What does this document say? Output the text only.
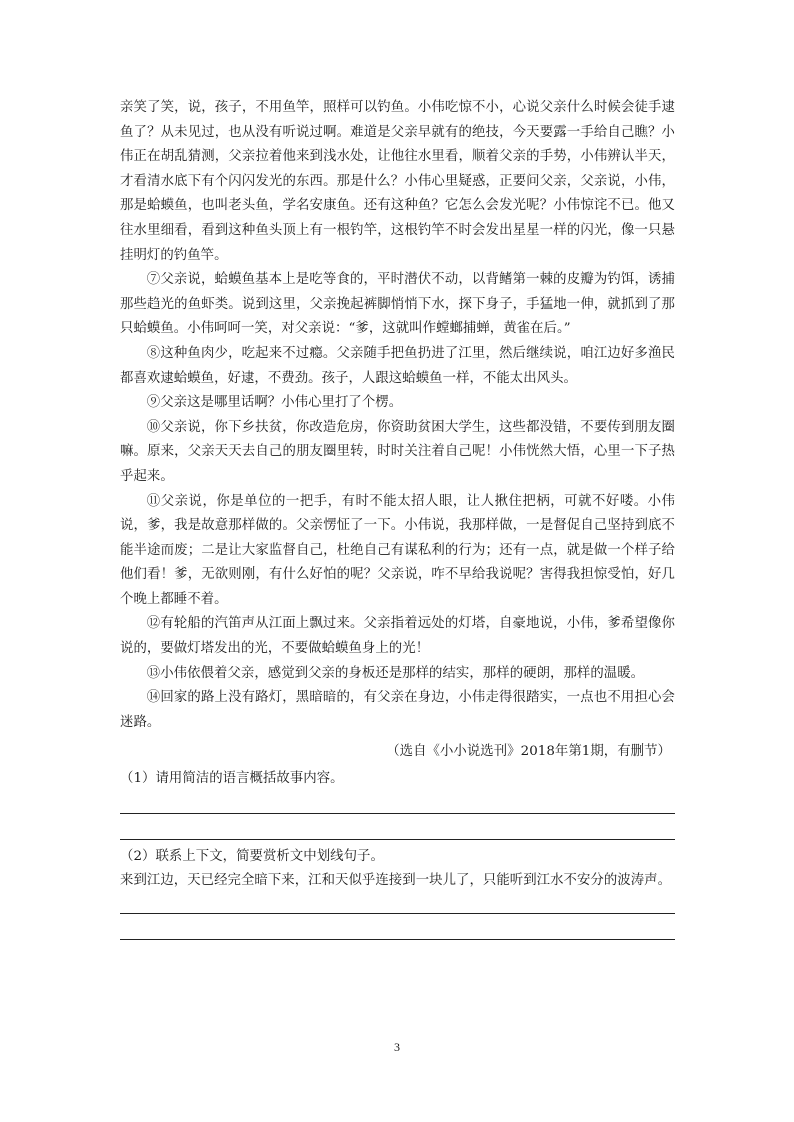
亲笑了笑，说，孩子，不用鱼竿，照样可以钓鱼。小伟吃惊不小，心说父亲什么时候会徒手逮鱼了？从未见过，也从没有听说过啊。难道是父亲早就有的绝技，今天要露一手给自己瞧？小伟正在胡乱猜测，父亲拉着他来到浅水处，让他往水里看，顺着父亲的手势，小伟辨认半天，才看清水底下有个闪闪发光的东西。那是什么？小伟心里疑惑，正要问父亲，父亲说，小伟，那是蛤蟆鱼，也叫老头鱼，学名安康鱼。还有这种鱼？它怎么会发光呢？小伟惊诧不已。他又往水里细看，看到这种鱼头顶上有一根钓竿，这根钓竿不时会发出星星一样的闪光，像一只悬挂明灯的钓鱼竿。

⑦父亲说，蛤蟆鱼基本上是吃等食的，平时潜伏不动，以背鳍第一棘的皮瓣为钓饵，诱捕那些趋光的鱼虾类。说到这里，父亲挽起裤脚悄悄下水，探下身子，手猛地一伸，就抓到了那只蛤蟆鱼。小伟呵呵一笑，对父亲说：“爹，这就叫作螳螂捕蝉，黄雀在后。”

⑧这种鱼肉少，吃起来不过瘾。父亲随手把鱼扔进了江里，然后继续说，咱江边好多渔民都喜欢逮蛤蟆鱼，好逮，不费劲。孩子，人跟这蛤蟆鱼一样，不能太出风头。

⑨父亲这是哪里话啊？小伟心里打了个楞。

⑩父亲说，你下乡扶贫，你改造危房，你资助贫困大学生，这些都没错，不要传到朋友圈嘛。原来，父亲天天去自己的朋友圈里转，时时关注着自己呢！小伟恍然大悟，心里一下子热乎起来。

⑪父亲说，你是单位的一把手，有时不能太招人眼，让人揪住把柄，可就不好喽。小伟说，爹，我是故意那样做的。父亲愣怔了一下。小伟说，我那样做，一是督促自己坚持到底不能半途而废；二是让大家监督自己，杜绝自己有谋私利的行为；还有一点，就是做一个样子给他们看！爹，无欲则刚，有什么好怕的呢？父亲说，咋不早给我说呢？害得我担惊受怕，好几个晚上都睡不着。

⑫有轮船的汽笛声从江面上飘过来。父亲指着远处的灯塔，自豪地说，小伟，爹希望像你说的，要做灯塔发出的光，不要做蛤蟆鱼身上的光！

⑬小伟依偎着父亲，感觉到父亲的身板还是那样的结实，那样的硬朗，那样的温暖。

⑭回家的路上没有路灯，黑暗暗的，有父亲在身边，小伟走得很踏实，一点也不用担心会迷路。

（选自《小小说选刊》2018年第1期，有删节）

（1）请用简洁的语言概括故事内容。

（2）联系上下文，简要赏析文中划线句子。

来到江边，天已经完全暗下来，江和天似乎连接到一块儿了，只能听到江水不安分的波涛声。

3
